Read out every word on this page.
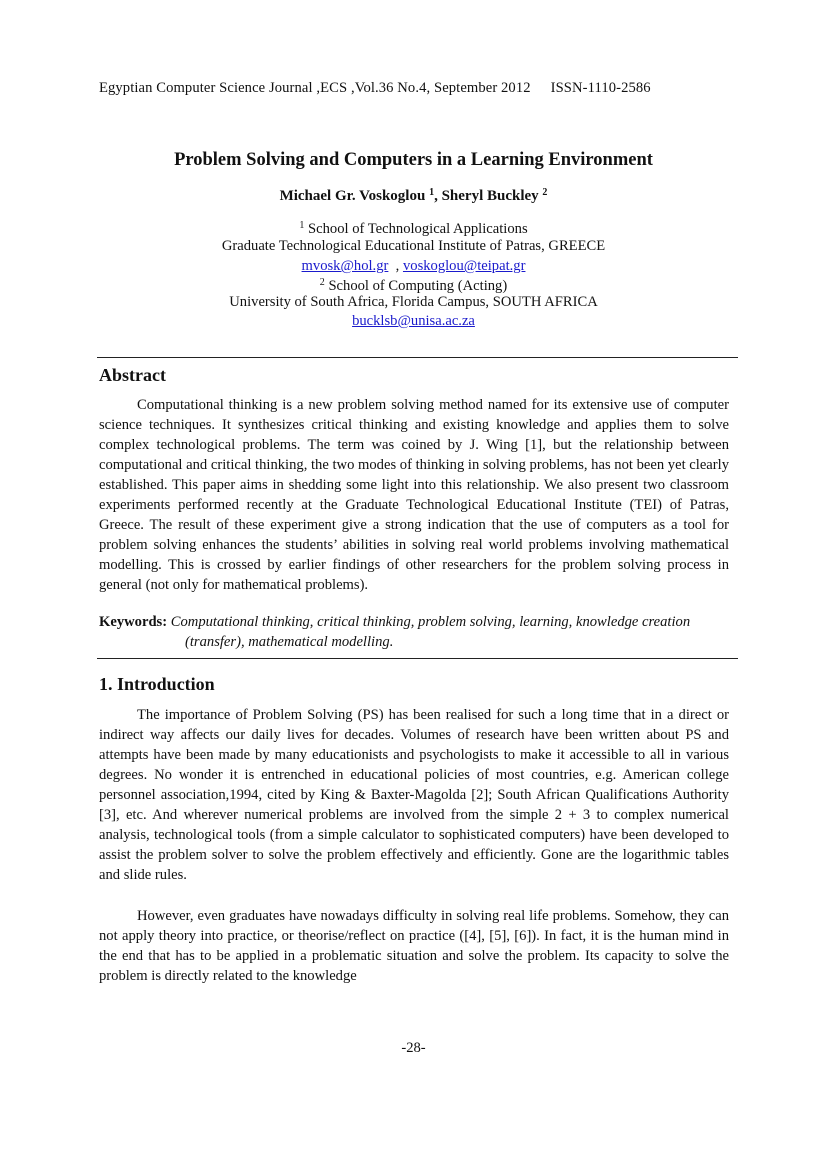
Egyptian Computer Science Journal ,ECS ,Vol.36 No.4, September 2012 ISSN-1110-2586
Problem Solving and Computers in a Learning Environment
Michael Gr. Voskoglou $^1$, Sheryl Buckley $^2$
$^1$ School of Technological Applications
Graduate Technological Educational Institute of Patras, GREECE
mvosk@hol.gr  , voskoglou@teipat.gr
$^2$ School of Computing (Acting)
University of South Africa, Florida Campus, SOUTH AFRICA
bucklsb@unisa.ac.za
Abstract

Computational thinking is a new problem solving method named for its extensive use of computer science techniques. It synthesizes critical thinking and existing knowledge and applies them to solve complex technological problems. The term was coined by J. Wing [1], but the relationship between computational and critical thinking, the two modes of thinking in solving problems, has not been yet clearly established. This paper aims in shedding some light into this relationship. We also present two classroom experiments performed recently at the Graduate Technological Educational Institute (TEI) of Patras, Greece. The result of these experiment give a strong indication that the use of computers as a tool for problem solving enhances the students’ abilities in solving real world problems involving mathematical modelling. This is crossed by earlier findings of other researchers for the problem solving process in general (not only for mathematical problems).

Keywords: Computational thinking, critical thinking, problem solving, learning, knowledge creation
(transfer), mathematical modelling.
1. Introduction

The importance of Problem Solving (PS) has been realised for such a long time that in a direct or indirect way affects our daily lives for decades. Volumes of research have been written about PS and attempts have been made by many educationists and psychologists to make it accessible to all in various degrees. No wonder it is entrenched in educational policies of most countries, e.g. American college personnel association,1994, cited by King & Baxter-Magolda [2]; South African Qualifications Authority [3], etc. And wherever numerical problems are involved from the simple 2 + 3 to complex numerical analysis, technological tools (from a simple calculator to sophisticated computers) have been developed to assist the problem solver to solve the problem effectively and efficiently. Gone are the logarithmic tables and slide rules.

However, even graduates have nowadays difficulty in solving real life problems. Somehow, they can not apply theory into practice, or theorise/reflect on practice ([4], [5], [6]). In fact, it is the human mind in the end that has to be applied in a problematic situation and solve the problem. Its capacity to solve the problem is directly related to the knowledge

-28-
